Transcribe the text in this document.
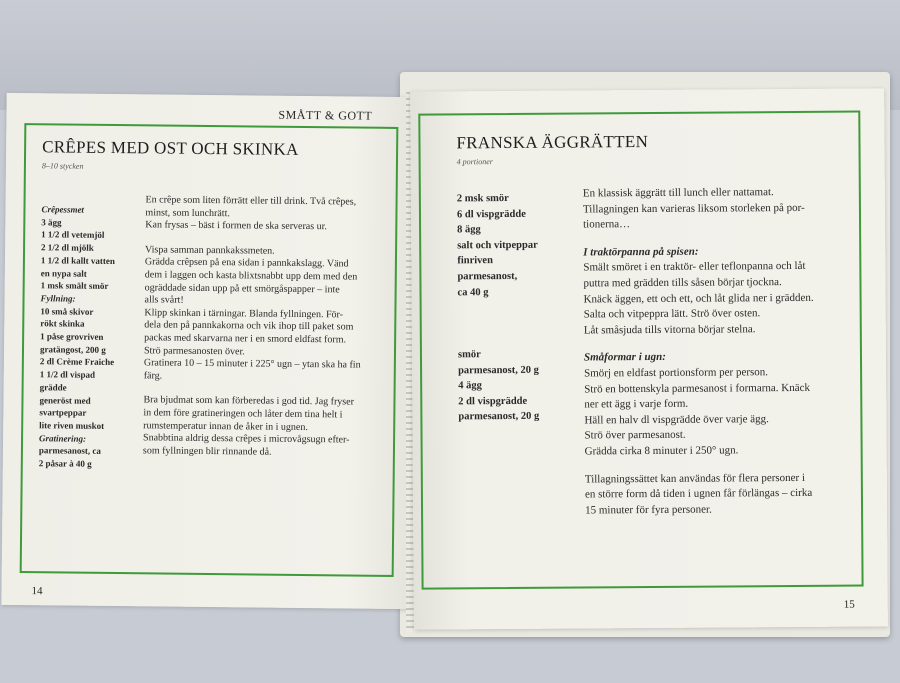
SMÅTT & GOTT
CRÊPES MED OST OCH SKINKA
8–10 stycken
Crêpessmet
3 ägg
1 1/2 dl vetemjöl
2 1/2 dl mjölk
1 1/2 dl kallt vatten
en nypa salt
1 msk smält smör
Fyllning:
10 små skivor
rökt skinka
1 påse grovriven
gratängost, 200 g
2 dl Crème Fraiche
1 1/2 dl vispad
grädde
generöst med
svartpeppar
lite riven muskot
Gratinering:
parmesanost, ca
2 påsar à 40 g

En crêpe som liten förrätt eller till drink. Två crêpes,
minst, som lunchrätt.
Kan frysas – bäst i formen de ska serveras ur.

Vispa samman pannkakssmeten.
Grädda crêpsen på ena sidan i pannkakslagg. Vänd
dem i laggen och kasta blixtsnabbt upp dem med den
ogräddade sidan upp på ett smörgåspapper – inte
alls svårt!
Klipp skinkan i tärningar. Blanda fyllningen. För-
dela den på pannkakorna och vik ihop till paket som
packas med skarvarna ner i en smord eldfast form.
Strö parmesanosten över.
Gratinera 10 – 15 minuter i 225° ugn – ytan ska ha fin
färg.

Bra bjudmat som kan förberedas i god tid. Jag fryser
in dem före gratineringen och låter dem tina helt i
rumstemperatur innan de åker in i ugnen.
Snabbtina aldrig dessa crêpes i microvågsugn efter-
som fyllningen blir rinnande då.

14
FRANSKA ÄGGRÄTTEN
4 portioner
2 msk smör
6 dl vispgrädde
8 ägg
salt och vitpeppar
finriven
parmesanost,
ca 40 g
smör
parmesanost, 20 g
4 ägg
2 dl vispgrädde
parmesanost, 20 g

En klassisk äggrätt till lunch eller nattamat.
Tillagningen kan varieras liksom storleken på por-
tionerna…

I traktörpanna på spisen:
Smält smöret i en traktör- eller teflonpanna och låt
puttra med grädden tills såsen börjar tjockna.
Knäck äggen, ett och ett, och låt glida ner i grädden.
Salta och vitpeppra lätt. Strö över osten.
Låt småsjuda tills vitorna börjar stelna.

Småformar i ugn:
Smörj en eldfast portionsform per person.
Strö en bottenskyla parmesanost i formarna. Knäck
ner ett ägg i varje form.
Häll en halv dl vispgrädde över varje ägg.
Strö över parmesanost.
Grädda cirka 8 minuter i 250° ugn.

Tillagningssättet kan användas för flera personer i
en större form då tiden i ugnen får förlängas – cirka
15 minuter för fyra personer.

15
